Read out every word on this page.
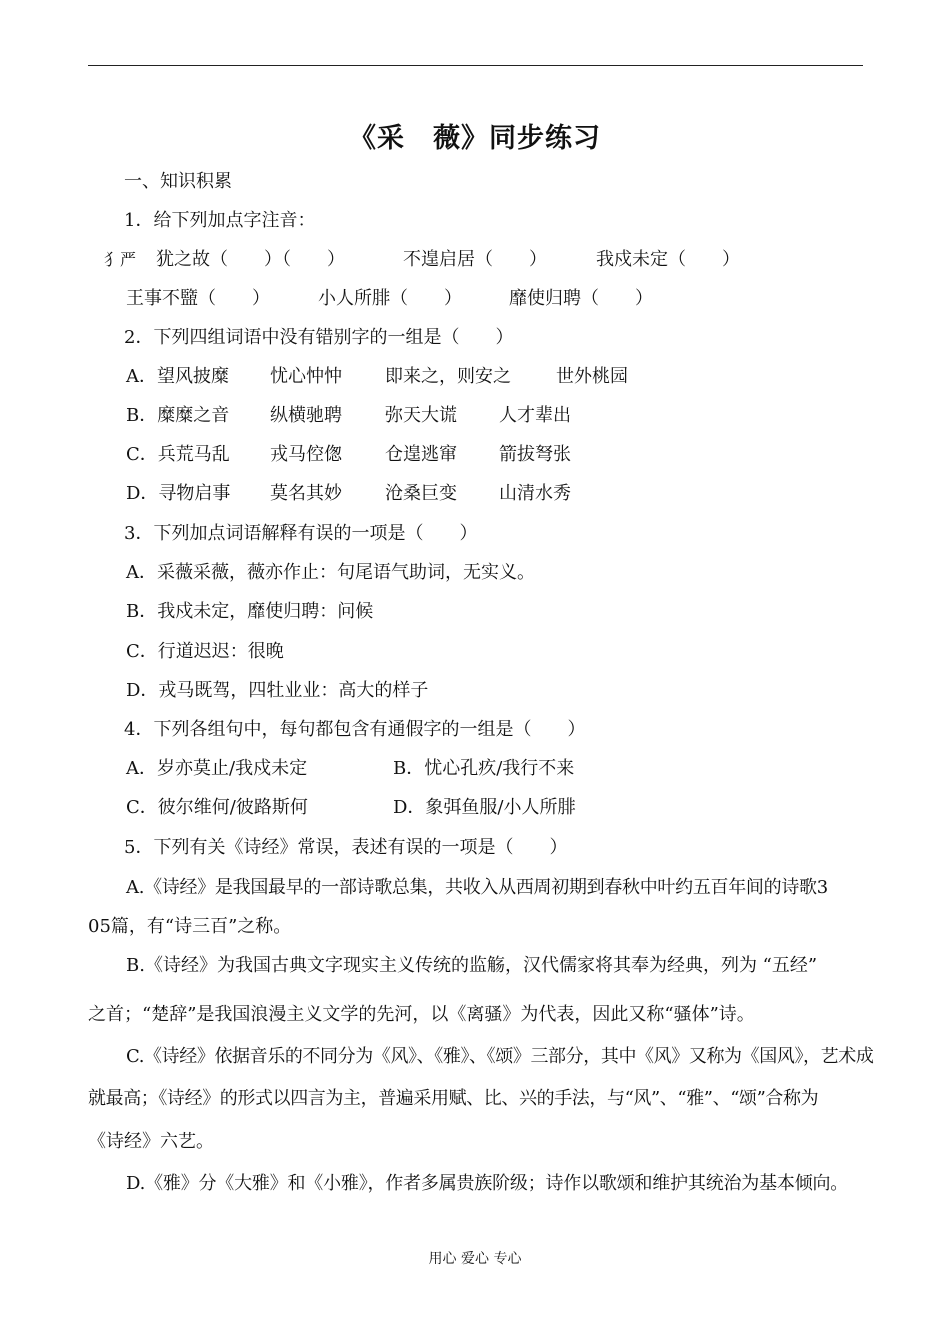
《采　薇》同步练习
一、知识积累
1．给下列加点字注音：
犭严 犹之故（　　）（　　）	不遑启居（　　）	我戍未定（　　）
王事不盬（　　）	小人所腓（　　）	靡使归聘（　　）
2．下列四组词语中没有错别字的一组是（　　）
A．望风披糜 忧心忡忡 即来之，则安之	世外桃园
B．糜糜之音 纵横驰聘 弥天大谎 人才辈出
C．兵荒马乱 戎马倥偬 仓遑逃窜 箭拔弩张
D．寻物启事 莫名其妙 沧桑巨变 山清水秀
3．下列加点词语解释有误的一项是（　　）
A．采薇采薇，薇亦作止：句尾语气助词，无实义。
B．我戍未定，靡使归聘：问候
C．行道迟迟：很晚
D．戎马既驾，四牡业业：高大的样子
4．下列各组句中，每句都包含有通假字的一组是（　　）
A．岁亦莫止/我戍未定	B．忧心孔疚/我行不来
C．彼尔维何/彼路斯何	D．象弭鱼服/小人所腓
5．下列有关《诗经》常误，表述有误的一项是（　　）
A.《诗经》是我国最早的一部诗歌总集，共收入从西周初期到春秋中叶约五百年间的诗歌3
05篇，有“诗三百”之称。
B.《诗经》为我国古典文字现实主义传统的监觞，汉代儒家将其奉为经典，列为 “五经”
之首；“楚辞”是我国浪漫主义文学的先河，以《离骚》为代表，因此又称“骚体”诗。
C.《诗经》依据音乐的不同分为《风》、《雅》、《颂》三部分，其中《风》又称为《国风》，艺术成
就最高；《诗经》的形式以四言为主，普遍采用赋、比、兴的手法，与“风”、“雅”、“颂”合称为
《诗经》六艺。
D.《雅》分《大雅》和《小雅》，作者多属贵族阶级；诗作以歌颂和维护其统治为基本倾向。
用心 爱心 专心
